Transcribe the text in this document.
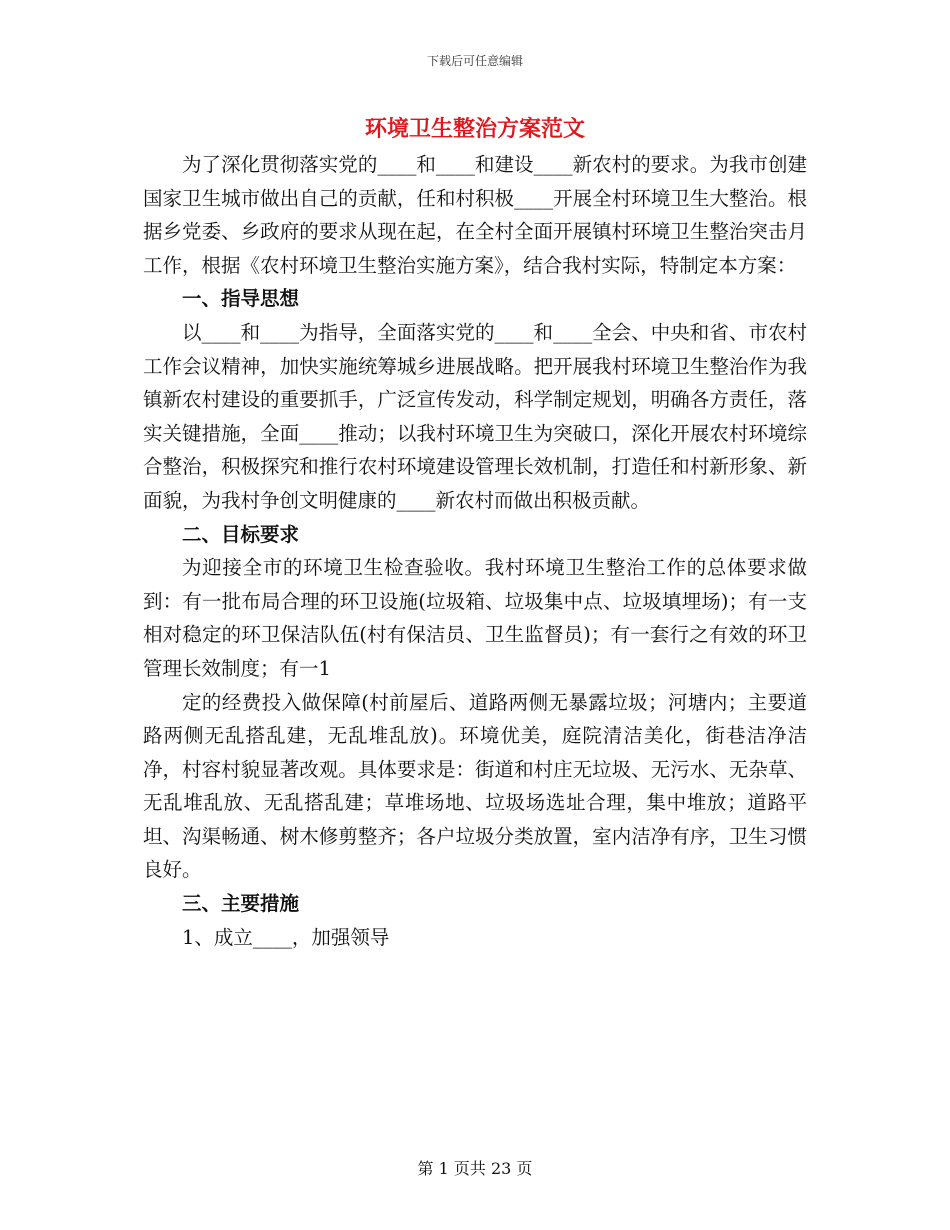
下载后可任意编辑
环境卫生整治方案范文

为了深化贯彻落实党的____和____和建设____新农村的要求。为我市创建国家卫生城市做出自己的贡献，任和村积极____开展全村环境卫生大整治。根据乡党委、乡政府的要求从现在起，在全村全面开展镇村环境卫生整治突击月工作，根据《农村环境卫生整治实施方案》，结合我村实际，特制定本方案：

一、指导思想

以____和____为指导，全面落实党的____和____全会、中央和省、市农村工作会议精神，加快实施统筹城乡进展战略。把开展我村环境卫生整治作为我镇新农村建设的重要抓手，广泛宣传发动，科学制定规划，明确各方责任，落实关键措施，全面____推动；以我村环境卫生为突破口，深化开展农村环境综合整治，积极探究和推行农村环境建设管理长效机制，打造任和村新形象、新面貌，为我村争创文明健康的____新农村而做出积极贡献。

二、目标要求

为迎接全市的环境卫生检查验收。我村环境卫生整治工作的总体要求做到：有一批布局合理的环卫设施(垃圾箱、垃圾集中点、垃圾填埋场)；有一支相对稳定的环卫保洁队伍(村有保洁员、卫生监督员)；有一套行之有效的环卫管理长效制度；有一1

定的经费投入做保障(村前屋后、道路两侧无暴露垃圾；河塘内；主要道路两侧无乱搭乱建，无乱堆乱放)。环境优美，庭院清洁美化，街巷洁净洁净，村容村貌显著改观。具体要求是：街道和村庄无垃圾、无污水、无杂草、无乱堆乱放、无乱搭乱建；草堆场地、垃圾场选址合理，集中堆放；道路平坦、沟渠畅通、树木修剪整齐；各户垃圾分类放置，室内洁净有序，卫生习惯良好。

三、主要措施

1、成立____，加强领导

第 1 页共 23 页
